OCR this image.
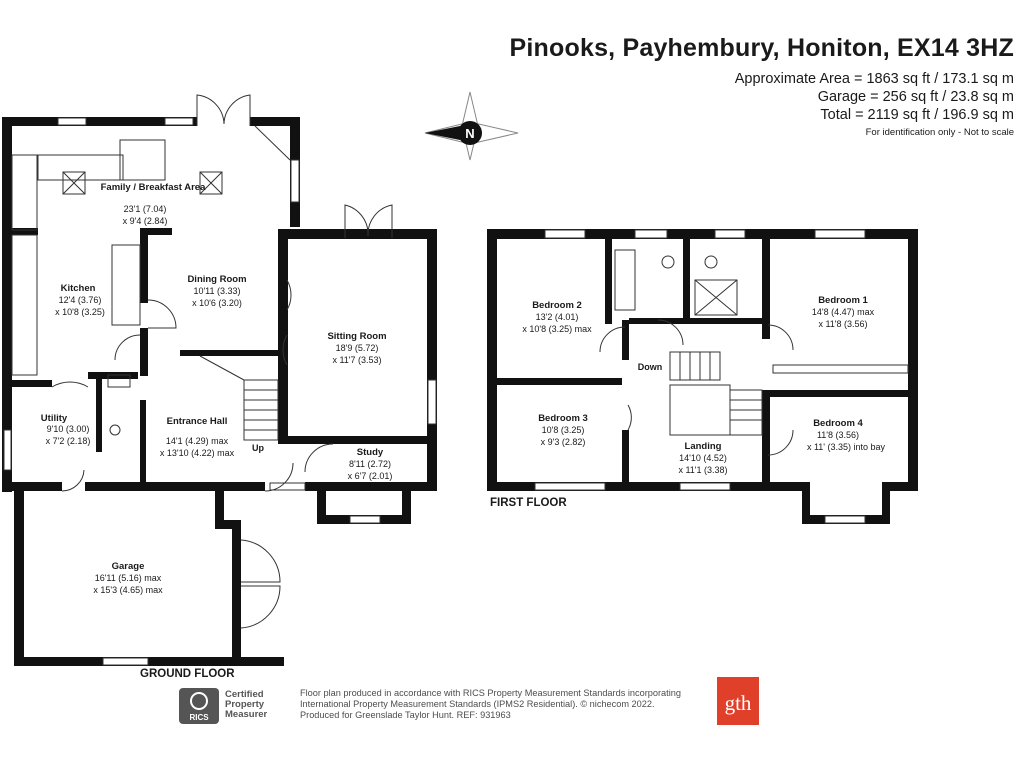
N
Family / Breakfast Area
23'1 (7.04)
x 9'4 (2.84)
Kitchen
12'4 (3.76)
x 10'8 (3.25)
Dining Room
10'11 (3.33)
x 10'6 (3.20)
Sitting Room
18'9 (5.72)
x 11'7 (3.53)
Utility
9'10 (3.00)
x 7'2 (2.18)
Entrance Hall
14'1 (4.29) max
x 13'10 (4.22) max Up	Study
8'11 (2.72)
x 6'7 (2.01)
Garage
16'11 (5.16) max
x 15'3 (4.65) max
Bedroom 2
13'2 (4.01)
x 10'8 (3.25) max
Bedroom 1
14'8 (4.47) max
x 11'8 (3.56)
Bedroom 3
10'8 (3.25)
x 9'3 (2.82)	Landing
14'10 (4.52)
x 11'1 (3.38)
Down
Bedroom 4
11'8 (3.56)
x 11' (3.35) into bay
RICS
Pinooks, Payhembury, Honiton, EX14 3HZ
Approximate Area = 1863 sq ft / 173.1 sq m
Garage = 256 sq ft / 23.8 sq m
Total = 2119 sq ft / 196.9 sq m
For identification only - Not to scale
GROUND FLOOR
FIRST FLOOR
Certified
Property
Measurer
Floor plan produced in accordance with RICS Property Measurement Standards incorporating
International Property Measurement Standards (IPMS2 Residential). © nichecom 2022.
Produced for Greenslade Taylor Hunt. REF: 931963
gth
